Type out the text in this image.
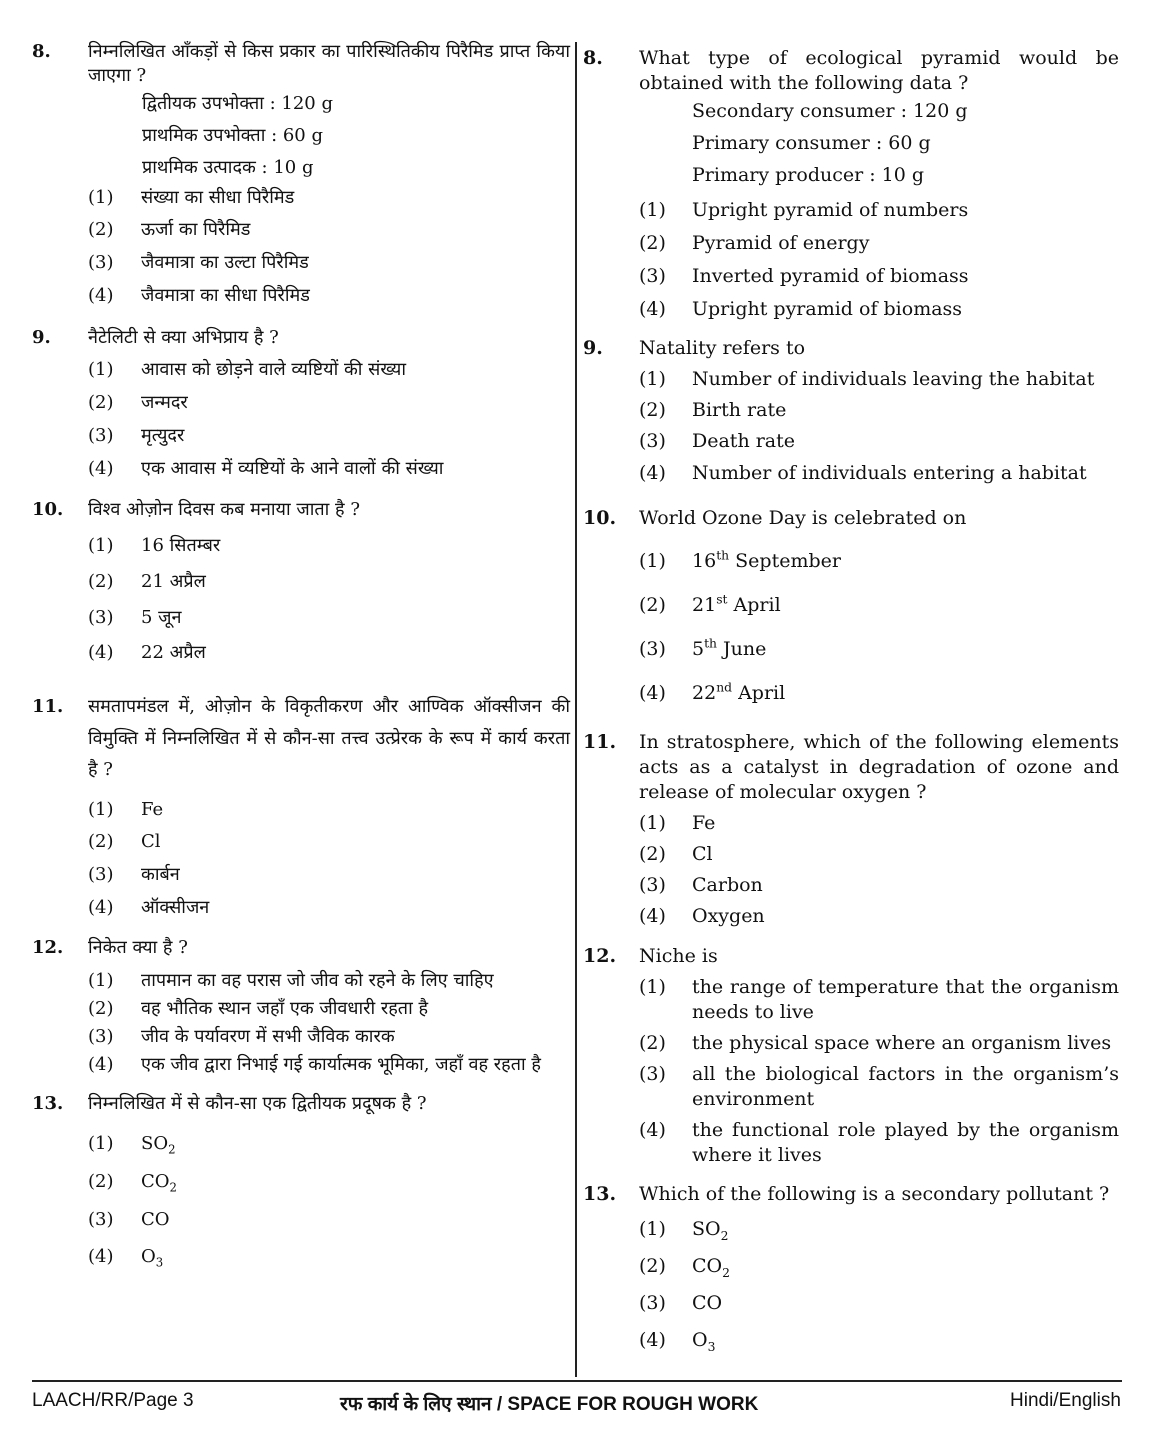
8.	निम्नलिखित आँकड़ों से किस प्रकार का पारिस्थितिकीय पिरैमिड प्राप्त किया जाएगा ?
द्वितीयक उपभोक्ता : 120 g
प्राथमिक उपभोक्ता : 60 g
प्राथमिक उत्पादक : 10 g
(1)	संख्या का सीधा पिरैमिड
(2)	ऊर्जा का पिरैमिड
(3)	जैवमात्रा का उल्टा पिरैमिड
(4)	जैवमात्रा का सीधा पिरैमिड
9.	नैटेलिटी से क्या अभिप्राय है ?
(1)	आवास को छोड़ने वाले व्यष्टियों की संख्या
(2)	जन्मदर
(3)	मृत्युदर
(4)	एक आवास में व्यष्टियों के आने वालों की संख्या
10.	विश्व ओज़ोन दिवस कब मनाया जाता है ?
(1)	16 सितम्बर
(2)	21 अप्रैल
(3)	5 जून
(4)	22 अप्रैल
11.	समतापमंडल में, ओज़ोन के विकृतीकरण और आण्विक ऑक्सीजन की विमुक्ति में निम्नलिखित में से कौन-सा तत्त्व उत्प्रेरक के रूप में कार्य करता है ?
(1)	Fe
(2)	Cl
(3)	कार्बन
(4)	ऑक्सीजन
12.	निकेत क्या है ?
(1)	तापमान का वह परास जो जीव को रहने के लिए चाहिए
(2)	वह भौतिक स्थान जहाँ एक जीवधारी रहता है
(3)	जीव के पर्यावरण में सभी जैविक कारक
(4)	एक जीव द्वारा निभाई गई कार्यात्मक भूमिका, जहाँ वह रहता है
13.	निम्नलिखित में से कौन-सा एक द्वितीयक प्रदूषक है ?
(1)	$SO_2$
(2)	$CO_2$
(3)	CO
(4)	$O_3$
8.	What type of ecological pyramid would be obtained with the following data ?
Secondary consumer : 120 g
Primary consumer : 60 g
Primary producer : 10 g
(1)	Upright pyramid of numbers
(2)	Pyramid of energy
(3)	Inverted pyramid of biomass
(4)	Upright pyramid of biomass
9.	Natality refers to
(1)	Number of individuals leaving the habitat
(2)	Birth rate
(3)	Death rate
(4)	Number of individuals entering a habitat
10.	World Ozone Day is celebrated on
(1)	16th September
(2)	21st April
(3)	5th June
(4)	22nd April
11.	In stratosphere, which of the following elements acts as a catalyst in degradation of ozone and release of molecular oxygen ?
(1)	Fe
(2)	Cl
(3)	Carbon
(4)	Oxygen
12.	Niche is
(1)	the range of temperature that the organism needs to live
(2)	the physical space where an organism lives
(3)	all the biological factors in the organism’s environment
(4)	the functional role played by the organism where it lives
13.	Which of the following is a secondary pollutant ?
(1)	$SO_2$
(2)	$CO_2$
(3)	CO
(4)	$O_3$
LAACH/RR/Page 3	रफ कार्य के लिए स्थान / SPACE FOR ROUGH WORK	Hindi/English
